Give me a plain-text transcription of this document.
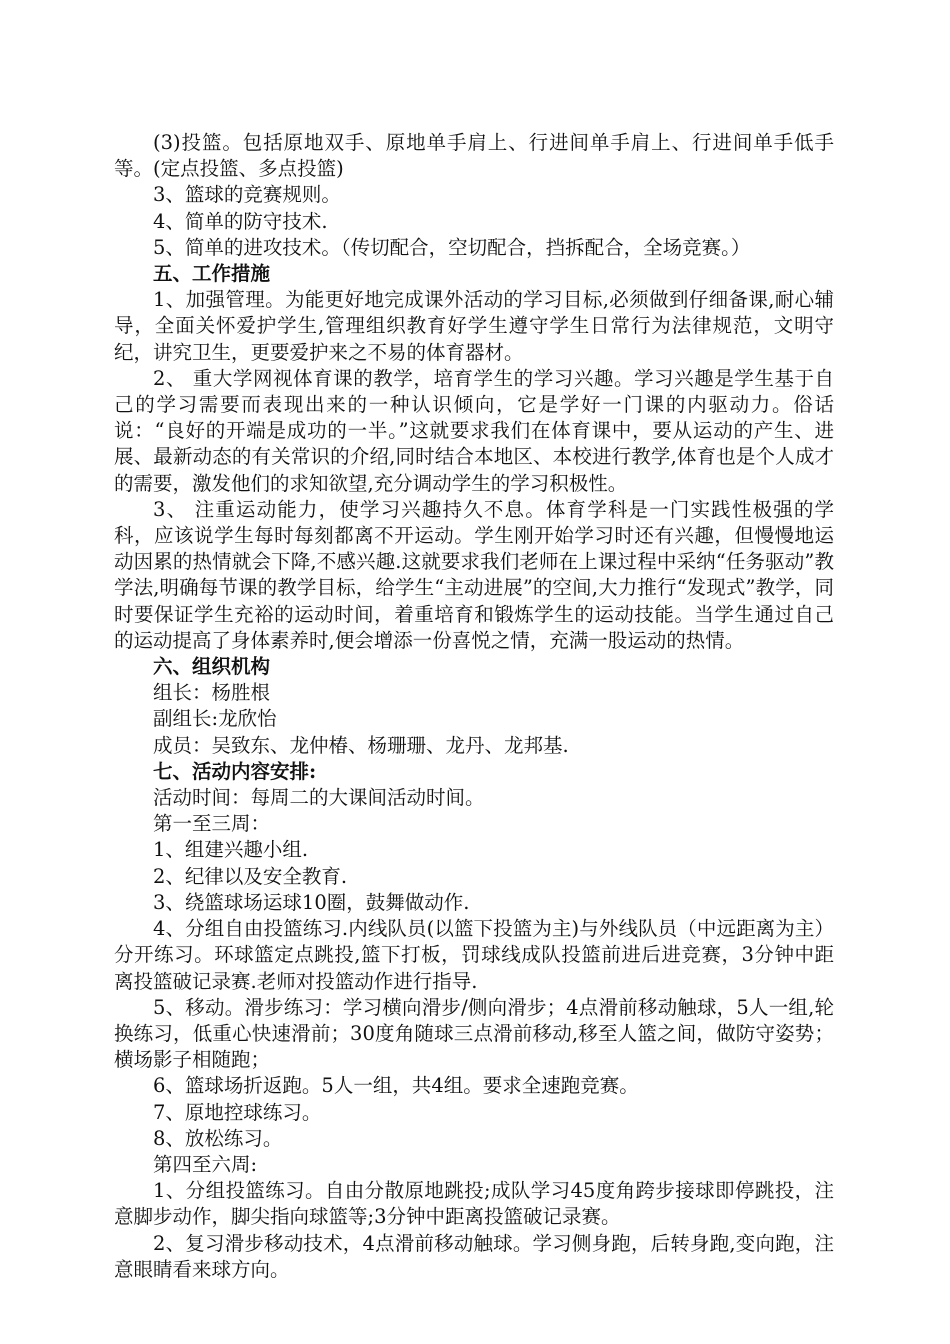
(3)投篮。包括原地双手、原地单手肩上、行进间单手肩上、行进间单手低手等。(定点投篮、多点投篮)

3、篮球的竞赛规则。

4、简单的防守技术.

5、简单的进攻技术。（传切配合，空切配合，挡拆配合，全场竞赛。）

五、工作措施

1、加强管理。为能更好地完成课外活动的学习目标,必须做到仔细备课,耐心辅导，全面关怀爱护学生,管理组织教育好学生遵守学生日常行为法律规范，文明守纪，讲究卫生，更要爱护来之不易的体育器材。

2、 重大学网视体育课的教学，培育学生的学习兴趣。学习兴趣是学生基于自己的学习需要而表现出来的一种认识倾向，它是学好一门课的内驱动力。俗话说：“良好的开端是成功的一半。”这就要求我们在体育课中，要从运动的产生、进展、最新动态的有关常识的介绍,同时结合本地区、本校进行教学,体育也是个人成才的需要，激发他们的求知欲望,充分调动学生的学习积极性。

3、 注重运动能力，使学习兴趣持久不息。体育学科是一门实践性极强的学科，应该说学生每时每刻都离不开运动。学生刚开始学习时还有兴趣，但慢慢地运动因累的热情就会下降,不感兴趣.这就要求我们老师在上课过程中采纳“任务驱动”教学法,明确每节课的教学目标，给学生“主动进展”的空间,大力推行“发现式”教学，同时要保证学生充裕的运动时间，着重培育和锻炼学生的运动技能。当学生通过自己的运动提高了身体素养时,便会增添一份喜悦之情，充满一股运动的热情。

六、组织机构

组长：杨胜根

副组长:龙欣怡

成员：吴致东、龙仲椿、杨珊珊、龙丹、龙邦基.

七、活动内容安排:

活动时间：每周二的大课间活动时间。

第一至三周：

1、组建兴趣小组.

2、纪律以及安全教育.

3、绕篮球场运球10圈，鼓舞做动作.

4、分组自由投篮练习.内线队员(以篮下投篮为主)与外线队员（中远距离为主）分开练习。环球篮定点跳投,篮下打板，罚球线成队投篮前进后进竞赛，3分钟中距离投篮破记录赛.老师对投篮动作进行指导.

5、移动。滑步练习：学习横向滑步/侧向滑步；4点滑前移动触球，5人一组,轮换练习，低重心快速滑前；30度角随球三点滑前移动,移至人篮之间，做防守姿势；横场影子相随跑；

6、篮球场折返跑。5人一组，共4组。要求全速跑竞赛。

7、原地控球练习。

8、放松练习。

第四至六周:

1、分组投篮练习。自由分散原地跳投;成队学习45度角跨步接球即停跳投，注意脚步动作，脚尖指向球篮等;3分钟中距离投篮破记录赛。

2、复习滑步移动技术，4点滑前移动触球。学习侧身跑，后转身跑,变向跑，注意眼睛看来球方向。
